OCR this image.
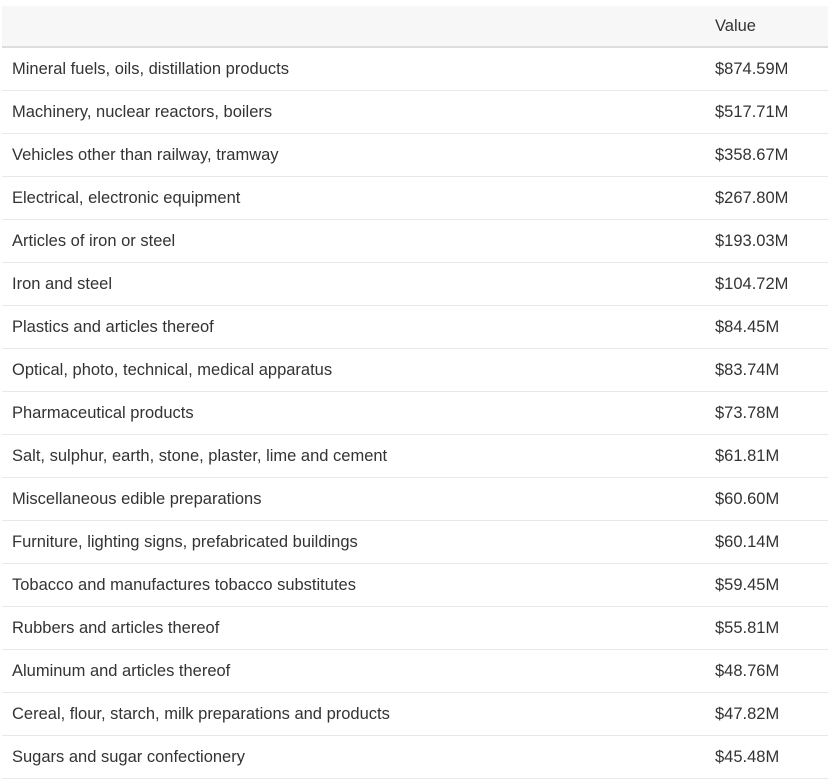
	Value
Mineral fuels, oils, distillation products	$874.59M
Machinery, nuclear reactors, boilers	$517.71M
Vehicles other than railway, tramway	$358.67M
Electrical, electronic equipment	$267.80M
Articles of iron or steel	$193.03M
Iron and steel	$104.72M
Plastics and articles thereof	$84.45M
Optical, photo, technical, medical apparatus	$83.74M
Pharmaceutical products	$73.78M
Salt, sulphur, earth, stone, plaster, lime and cement	$61.81M
Miscellaneous edible preparations	$60.60M
Furniture, lighting signs, prefabricated buildings	$60.14M
Tobacco and manufactures tobacco substitutes	$59.45M
Rubbers and articles thereof	$55.81M
Aluminum and articles thereof	$48.76M
Cereal, flour, starch, milk preparations and products	$47.82M
Sugars and sugar confectionery	$45.48M
